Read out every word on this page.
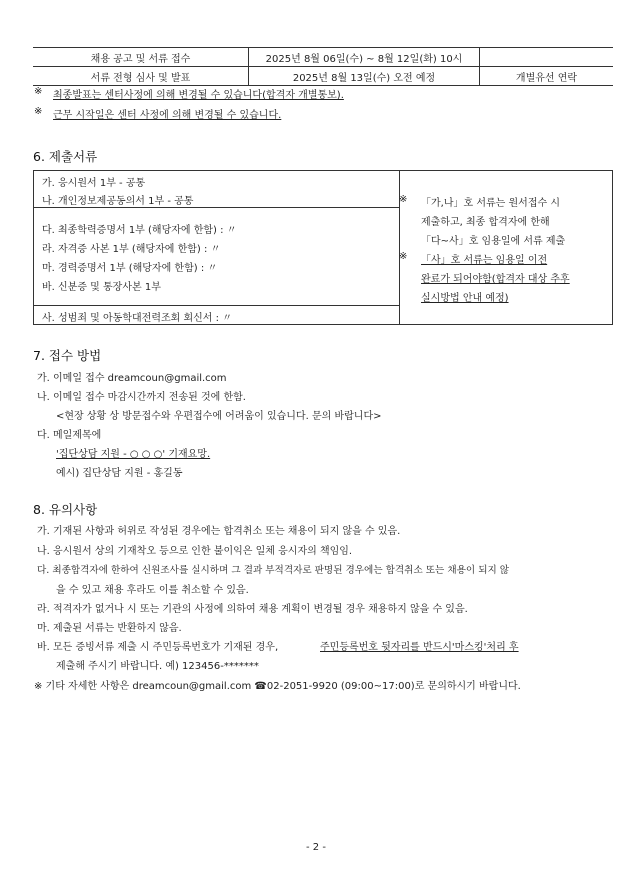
채용 공고 및 서류 접수	2025년 8월 06일(수) ~ 8월 12일(화) 10시	
서류 전형 심사 및 발표	2025년 8월 13일(수) 오전 예정	개별유선 연락
※ 최종발표는 센터사정에 의해 변경될 수 있습니다(합격자 개별통보).
※ 근무 시작일은 센터 사정에 의해 변경될 수 있습니다.
6. 제출서류
가. 응시원서 1부 - 공통
나. 개인정보제공동의서 1부 - 공통
다. 최종학력증명서 1부 (해당자에 한함) : 〃
라. 자격증 사본 1부 (해당자에 한함) : 〃
마. 경력증명서 1부 (해당자에 한함) : 〃
바. 신분증 및 통장사본 1부
사. 성범죄 및 아동학대전력조회 회신서 : 〃
※ 「가,나」호 서류는 원서접수 시
제출하고, 최종 합격자에 한해
「다~사」호 임용일에 서류 제출
※ 「사」호 서류는 임용일 이전
완료가 되어야함(합격자 대상 추후
실시방법 안내 예정)
7. 접수 방법
가. 이메일 접수 dreamcoun@gmail.com
나. 이메일 접수 마감시간까지 전송된 것에 한함.
<현장 상황 상 방문접수와 우편접수에 어려움이 있습니다. 문의 바랍니다>
다. 메일제목에
'집단상담 지원 - ○ ○ ○' 기재요망.
예시) 집단상담 지원 - 홍길동
8. 유의사항
가. 기재된 사항과 허위로 작성된 경우에는 합격취소 또는 채용이 되지 않을 수 있음.
나. 응시원서 상의 기재착오 등으로 인한 불이익은 일체 응시자의 책임임.
다. 최종합격자에 한하여 신원조사를 실시하며 그 결과 부적격자로 판명된 경우에는 합격취소 또는 채용이 되지 않
을 수 있고 채용 후라도 이를 취소할 수 있음.
라. 적격자가 없거나 시 또는 기관의 사정에 의하여 채용 계획이 변경될 경우 채용하지 않을 수 있음.
마. 제출된 서류는 반환하지 않음.
바. 모든 증빙서류 제출 시 주민등록번호가 기재된 경우,	주민등록번호 뒷자리를 반드시'마스킹'처리 후
제출해 주시기 바랍니다. 예) 123456-*******
※ 기타 자세한 사항은 dreamcoun@gmail.com ☎02-2051-9920 (09:00~17:00)로 문의하시기 바랍니다.
- 2 -
